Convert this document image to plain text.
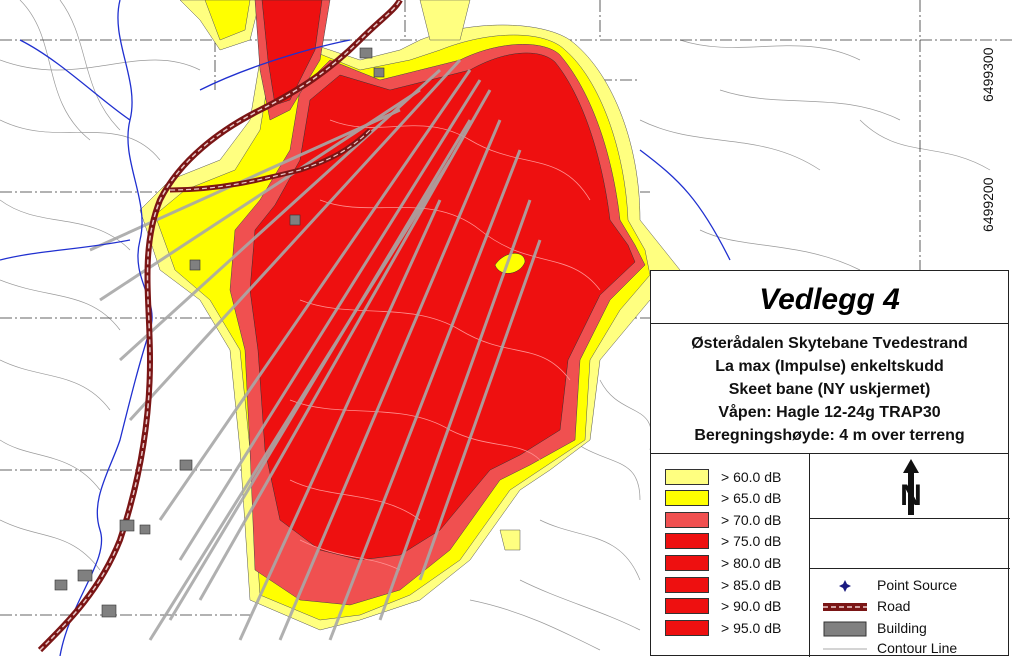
6499300
6499200
Vedlegg 4
Østerådalen Skytebane Tvedestrand
La max (Impulse) enkeltskudd
Skeet bane (NY uskjermet)
Våpen: Hagle 12-24g TRAP30
Beregningshøyde: 4 m over terreng
> 60.0 dB
> 65.0 dB
> 70.0 dB
> 75.0 dB
> 80.0 dB
> 85.0 dB
> 90.0 dB
> 95.0 dB
N
Point Source
Road
Building
Contour Line
